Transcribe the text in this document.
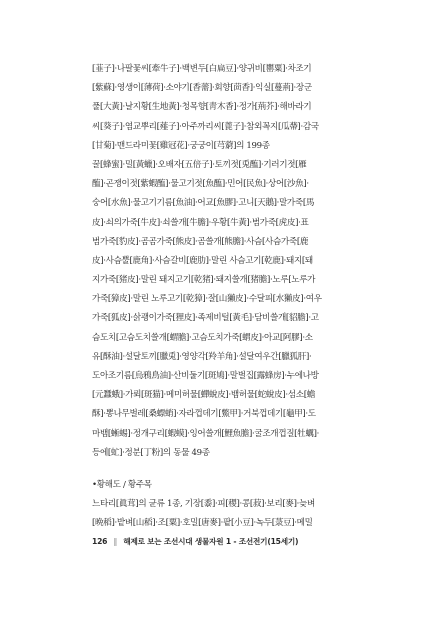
[韮子]·나팔꽃씨[牽牛子]·백변두[白扁豆]·양귀비[罌粟]·차조기
[紫蘇]·영생이[薄荷]·소야기[香薷]·회향[茴香]·익실[蔓荊]·장군
풀[大黃]·날지황[生地黃]·청목향[靑木香]·정가[荊芥]·해바라기
씨[葵子]·염교뿌리[薤子]·아주까리씨[蓖子]·참외꼭지[瓜蔕]·감국
[甘菊]·맨드라미꽃[雞冠花]·궁궁이[芎藭]의 199종
꿀[蜂蜜]·밀[黃蠟]·오배자[五倍子]·토끼젓[兎醢]·기러기젓[雁
醢]·곤쟁이젓[紫蝦醢]·물고기젓[魚醢]·민어[民魚]·상어[沙魚]·
숭어[水魚]·물고기기름[魚油]·어교[魚膠]·고니[天鵝]·말가죽[馬
皮]·쇠의가죽[牛皮]·쇠쓸개[牛膽]·우황[牛黃]·범가죽[虎皮]·표
범가죽[豹皮]·곰곰가죽[熊皮]·곰쓸개[熊膽]·사슴[사슴가죽[鹿
皮]·사슴뿔[鹿角]·사슴갈비[鹿肋]·말린 사슴고기[乾鹿]·돼지[돼
지가죽[猪皮]·말린 돼지고기[乾猪]·돼지쓸개[猪膽]·노루[노루가
가죽[獐皮]·말린 노루고기[乾獐]·잘[山獺皮]·수달피[水獺皮]·여우
가죽[狐皮]·삵괭이가죽[狸皮]·족제비털[黃毛]·담비쓸개[貂膽]·고
슴도치[고슴도치쓸개[蝟膽]·고슴도치가죽[蝟皮]·아교[阿膠]·소
유[酥油]·설달토끼[臘兎]·영양각[羚羊角]·설달여우간[臘狐肝]·
도아조기름[烏鴉鳥油]·산비둘기[斑鳩]·말벌집[露蜂房]·누에나방
[元蠶蛾]·가뢰[斑猫]·메미허물[蟬蛻皮]·뱀허물[蛇蛻皮]·섬소[蟾
酥]·뽕나무벌레[桑螵蛸]·자라껍데기[鱉甲]·거북껍데기[龜甲]·도
마뱀[蜥蜴]·정개구리[蝦蟆]·잉어쓸개[鯉魚膽]·굴조개껍질[牡蠣]·
등에[虻]·정분[丁粉]의 동물 49종
•황해도 / 황주목
느타리[眞茸]의 균류 1종, 기장[黍]·피[稷]·콩[菽]·보리[麥]·늦벼
[晩稻]·밭벼[山稻]·조[粟]·호밀[唐麥]·팥[小豆]·녹두[菉豆]·메밀
126 ‖ 해제로 보는 조선시대 생물자원 1 - 조선전기(15세기)
